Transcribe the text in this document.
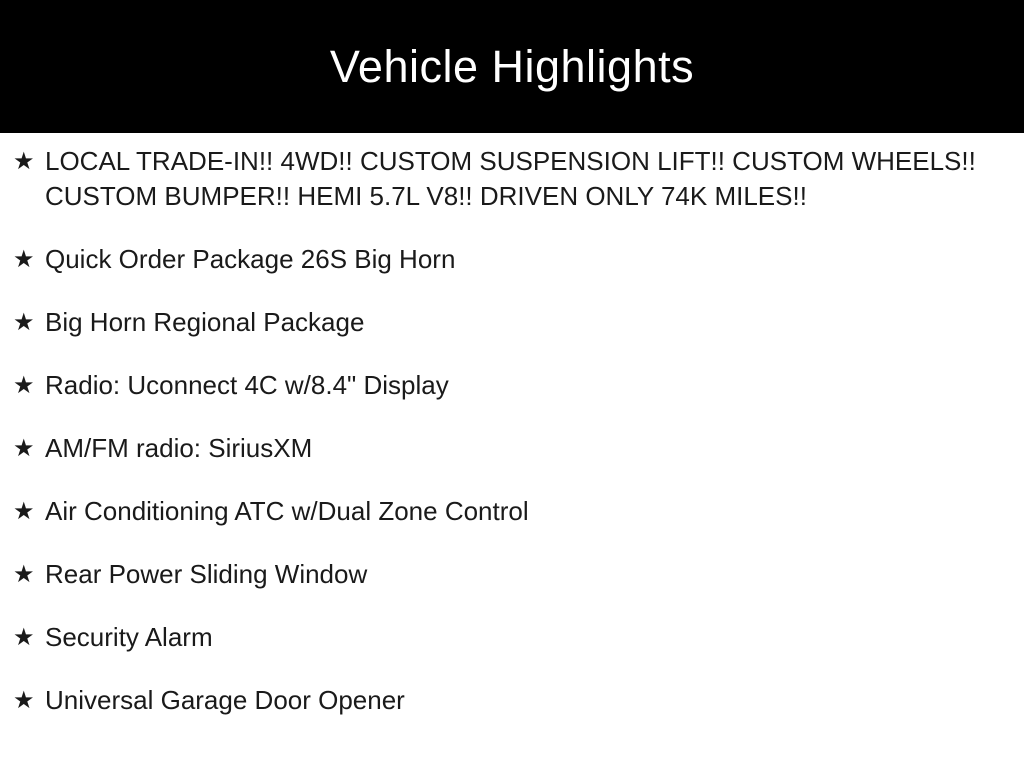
Vehicle Highlights
★ LOCAL TRADE-IN!! 4WD!! CUSTOM SUSPENSION LIFT!! CUSTOM WHEELS!! CUSTOM BUMPER!! HEMI 5.7L V8!! DRIVEN ONLY 74K MILES!!
★ Quick Order Package 26S Big Horn
★ Big Horn Regional Package
★ Radio: Uconnect 4C w/8.4" Display
★ AM/FM radio: SiriusXM
★ Air Conditioning ATC w/Dual Zone Control
★ Rear Power Sliding Window
★ Security Alarm
★ Universal Garage Door Opener
